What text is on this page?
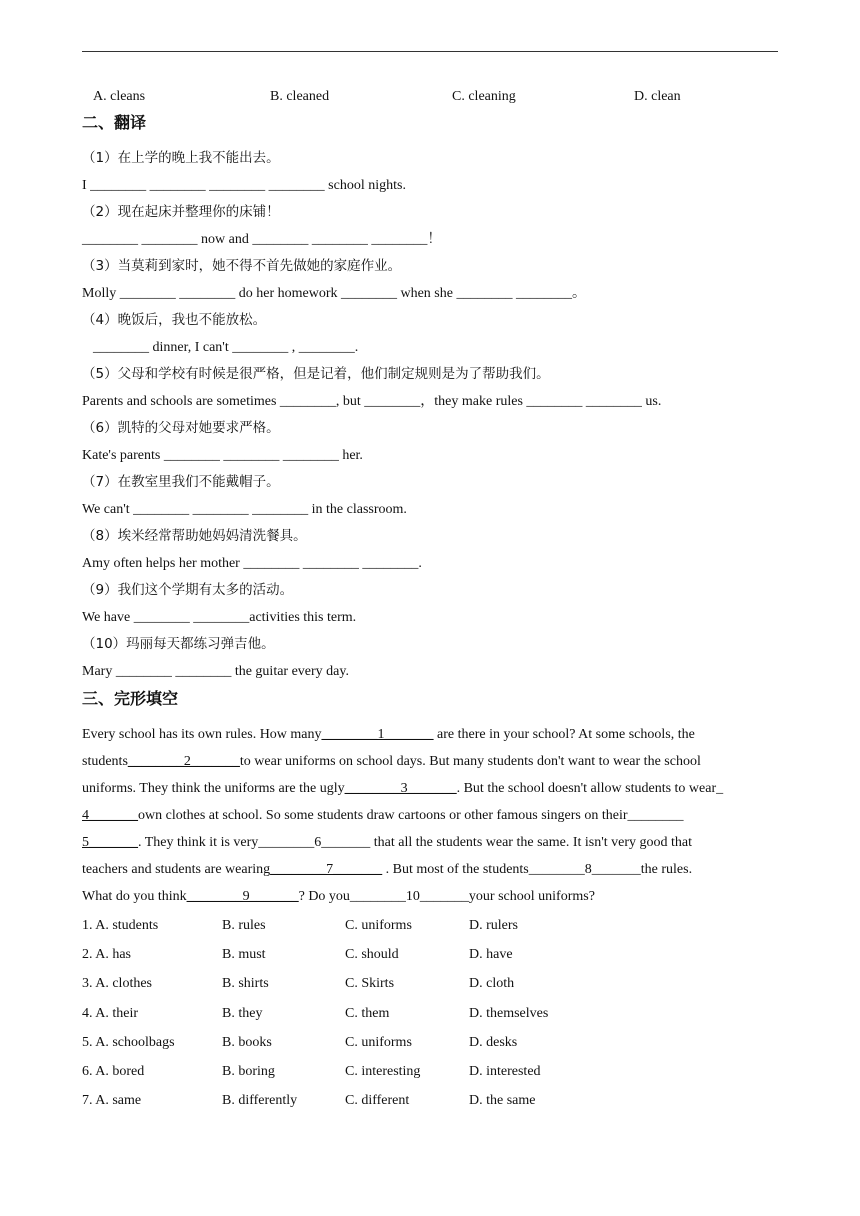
A. cleans	B. cleaned	C. cleaning	D. clean
二、翻译
（1）在上学的晚上我不能出去。
I ________ ________ ________ ________ school nights.
（2）现在起床并整理你的床铺！
________ ________ now and ________ ________ ________！
（3）当莫莉到家时，她不得不首先做她的家庭作业。
Molly ________ ________ do her homework ________ when she ________ ________。
（4）晚饭后，我也不能放松。
________ dinner, I can't ________ , ________.
（5）父母和学校有时候是很严格，但是记着，他们制定规则是为了帮助我们。
Parents and schools are sometimes ________, but ________，they make rules ________ ________ us.
（6）凯特的父母对她要求严格。
Kate's parents ________ ________ ________ her.
（7）在教室里我们不能戴帽子。
We can't ________ ________ ________ in the classroom.
（8）埃米经常帮助她妈妈清洗餐具。
Amy often helps her mother ________ ________ ________.
（9）我们这个学期有太多的活动。
We have ________ ________activities this term.
（10）玛丽每天都练习弹吉他。
Mary ________ ________ the guitar every day.
三、完形填空
Every school has its own rules. How many________1_______ are there in your school? At some schools, the
students________2_______to wear uniforms on school days. But many students don't want to wear the school
uniforms. They think the uniforms are the ugly________3_______. But the school doesn't allow students to wear_
4_______own clothes at school. So some students draw cartoons or other famous singers on their________
5_______. They think it is very________6_______ that all the students wear the same. It isn't very good that
teachers and students are wearing________7_______ . But most of the students________8_______the rules.
What do you think________9_______? Do you________10_______your school uniforms?
1. A. students	B. rules	C. uniforms	D. rulers
2. A. has	B. must	C. should	D. have
3. A. clothes	B. shirts	C. Skirts	D. cloth
4. A. their	B. they	C. them	D. themselves
5. A. schoolbags	B. books	C. uniforms	D. desks
6. A. bored	B. boring	C. interesting	D. interested
7. A. same	B. differently	C. different	D. the same
